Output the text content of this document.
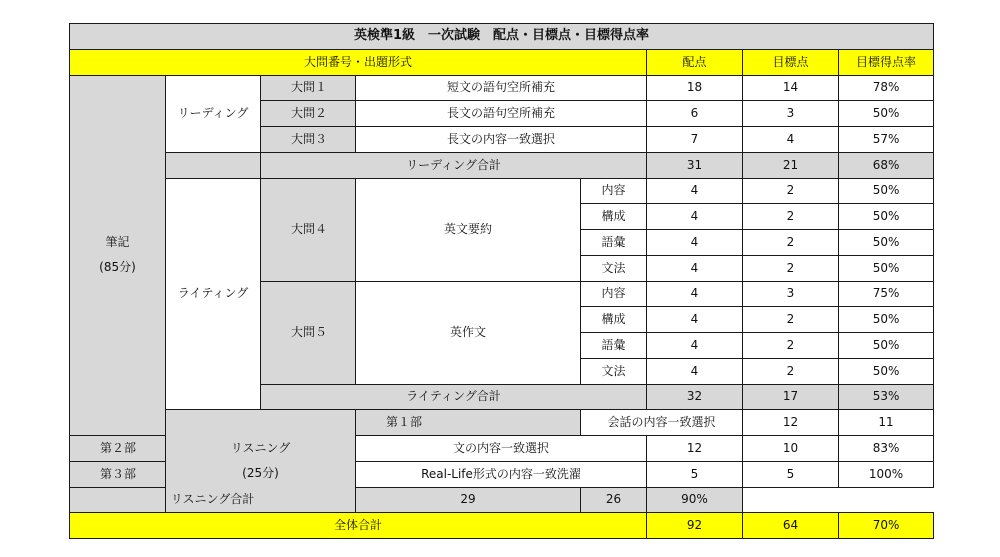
英検準1級　一次試験　配点・目標点・目標得点率								
大問番号・出題形式					配点	目標点	目標得点率	

筆記
(85分)	リーディング	大問１	短文の語句空所補充		18	14	78%	
		大問２	長文の語句空所補充		6	3	50%	
		大問３	長文の内容一致選択		7	4	57%	
		リーディング合計			31	21	68%	
	ライティング	大問４	英文要約	内容	4	2	50%	
				構成	4	2	50%	
				語彙	4	2	50%	
				文法	4	2	50%	
		大問５	英作文	内容	4	3	75%	
				構成	4	2	50%	
				語彙	4	2	50%	
				文法	4	2	50%	
		ライティング合計			32	17	53%	

	リスニング
(25分)		第１部	会話の内容一致選択		12	11	
第２部			文の内容一致選択		12	10	83%	
第３部			Real-Life形式の内容一致洗濯		5	5	100%	
リスニング合計			29	26	90%			
全体合計					92	64	70%	
